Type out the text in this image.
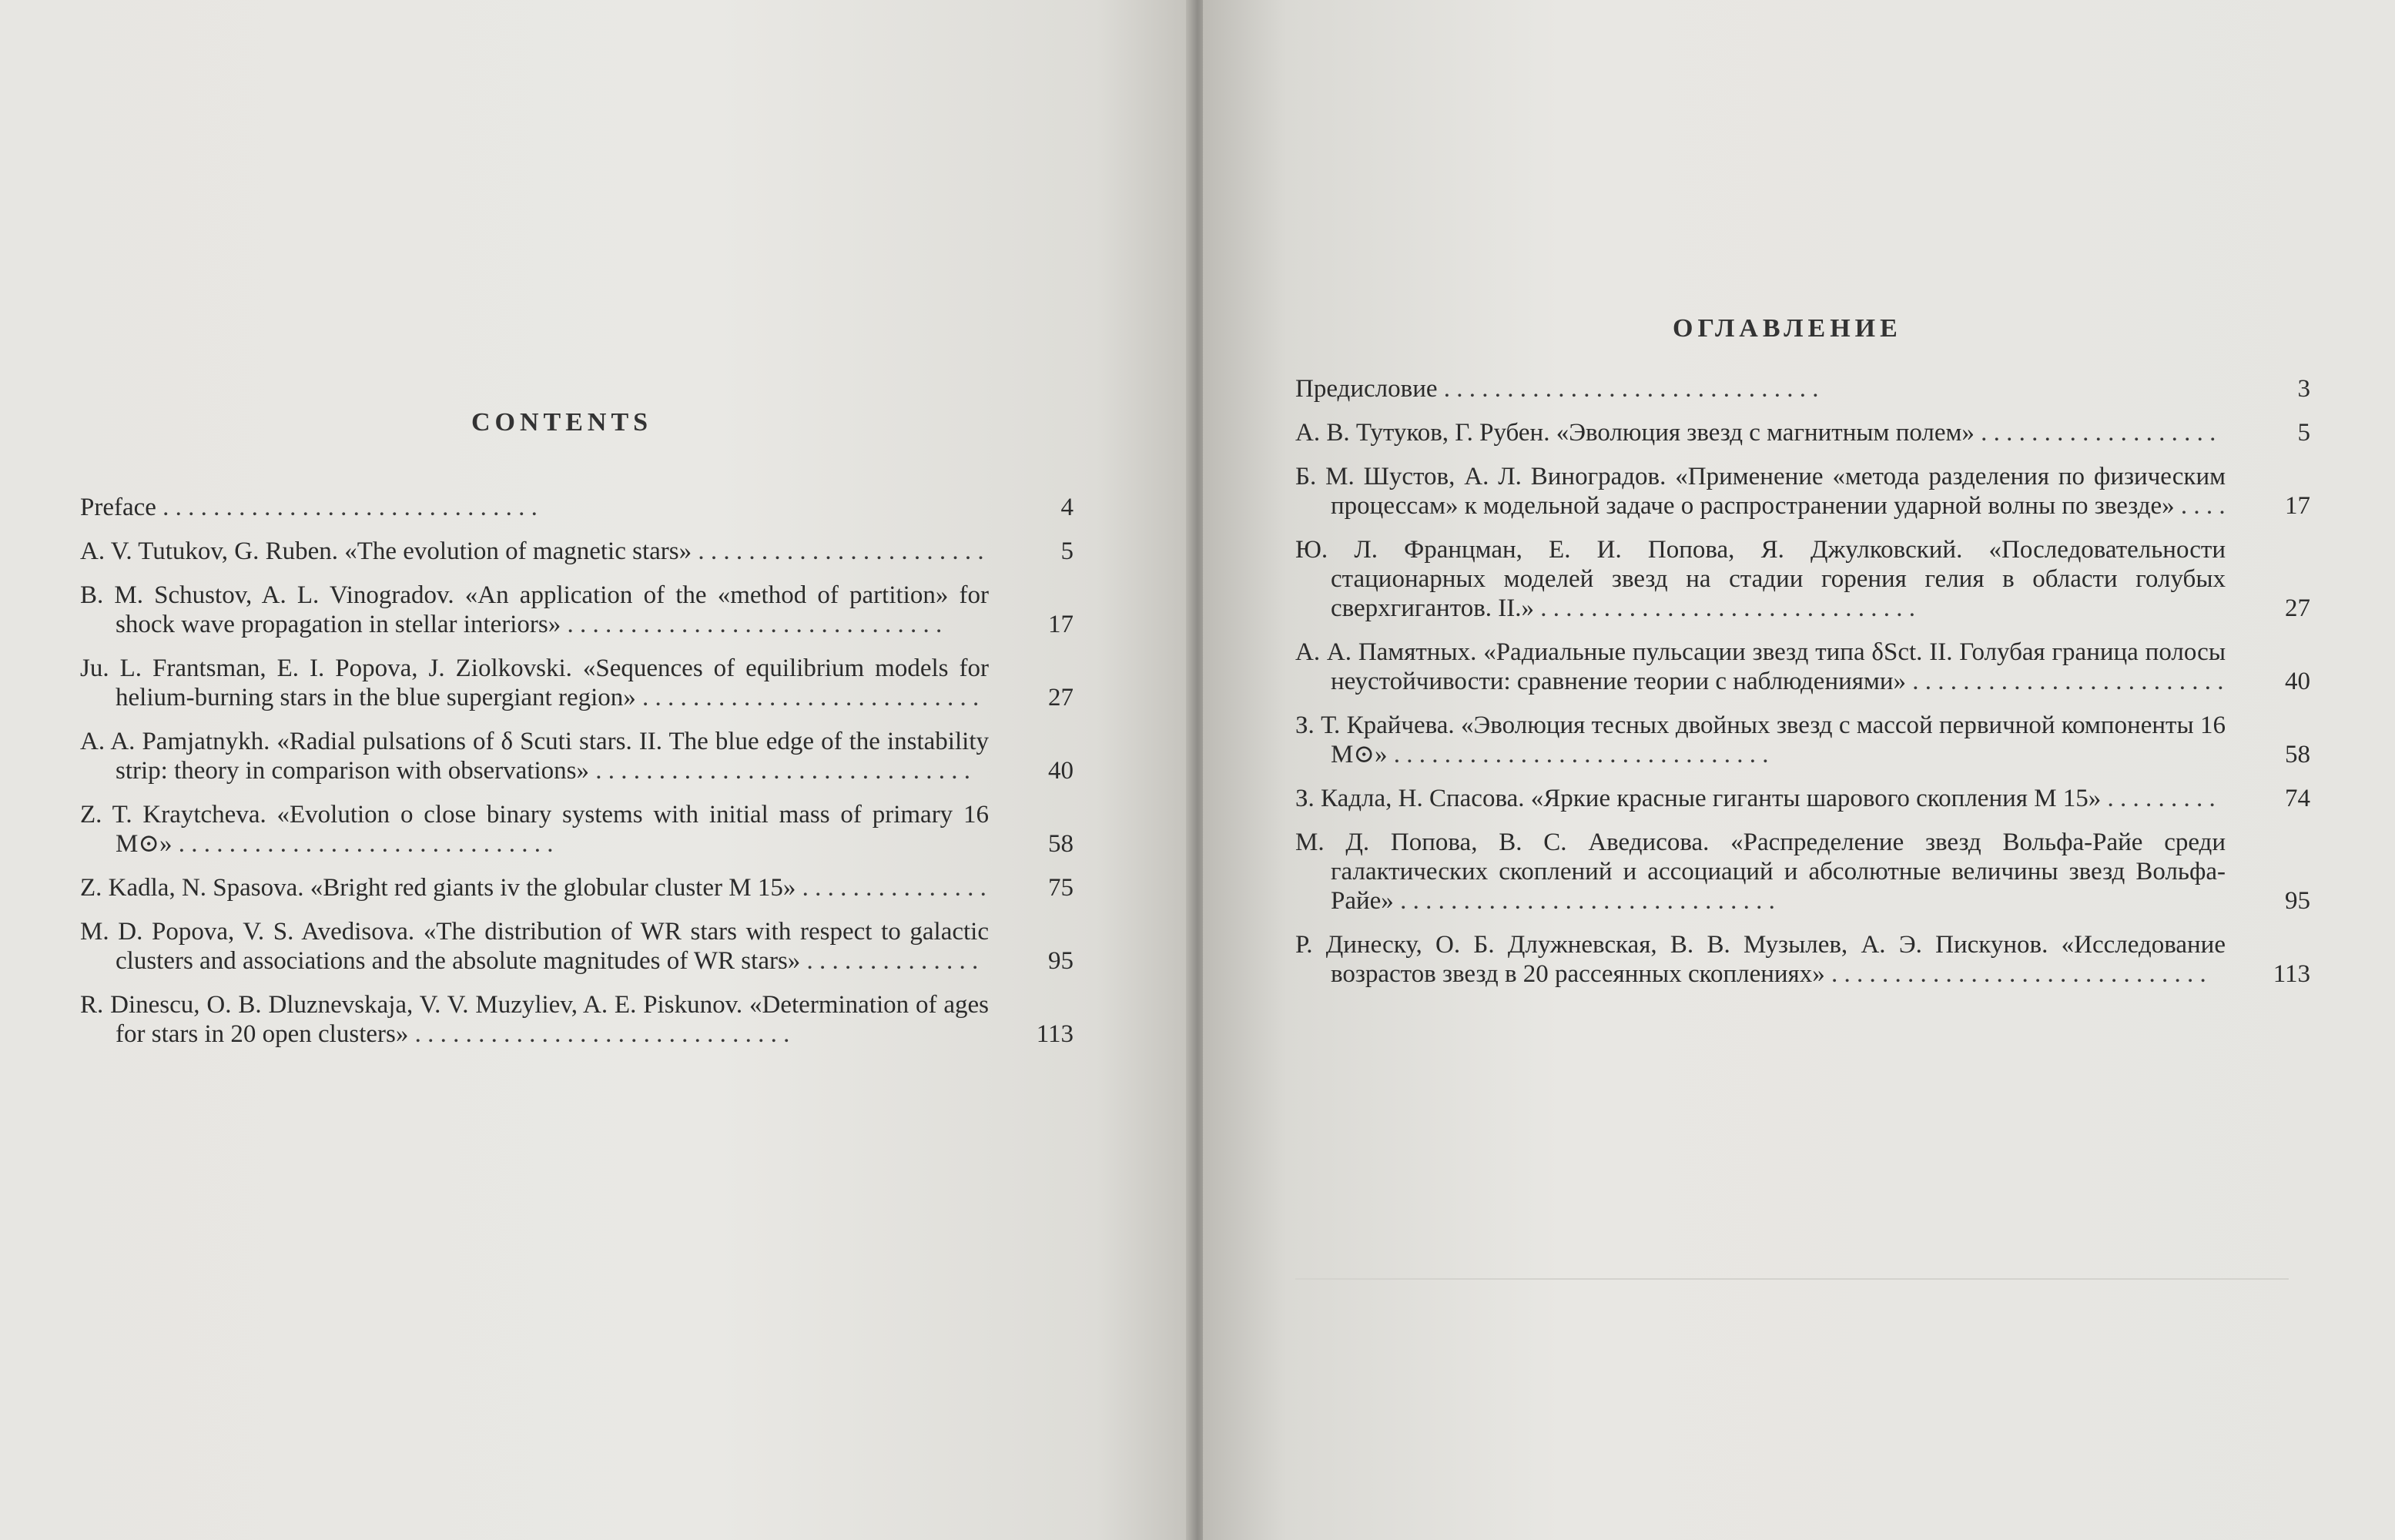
CONTENTS
Preface . . . . . . . . . . . . . . . . . . . . . . . . . . . . . .	4
A. V. Tutukov, G. Ruben. «The evolution of magnetic stars» . . . . . . . . . . . . . . . . . . . . . . .	5
B. M. Schustov, A. L. Vinogradov. «An application of the «method of partition» for shock wave propagation in stellar interiors» . . . . . . . . . . . . . . . . . . . . . . . . . . . . . .	17
Ju. L. Frantsman, E. I. Popova, J. Ziolkovski. «Sequences of equilibrium models for helium-burning stars in the blue supergiant region» . . . . . . . . . . . . . . . . . . . . . . . . . . .	27
A. A. Pamjatnykh. «Radial pulsations of δ Scuti stars. II. The blue edge of the instability strip: theory in comparison with observations» . . . . . . . . . . . . . . . . . . . . . . . . . . . . . .	40
Z. T. Kraytcheva. «Evolution o close binary systems with initial mass of primary 16 M⊙» . . . . . . . . . . . . . . . . . . . . . . . . . . . . . .	58
Z. Kadla, N. Spasova. «Bright red giants iv the globular cluster M 15» . . . . . . . . . . . . . . .	75
M. D. Popova, V. S. Avedisova. «The distribution of WR stars with respect to galactic clusters and associations and the absolute magnitudes of WR stars» . . . . . . . . . . . . . .	95
R. Dinescu, O. B. Dluznevskaja, V. V. Muzyliev, A. E. Piskunov. «Determination of ages for stars in 20 open clusters» . . . . . . . . . . . . . . . . . . . . . . . . . . . . . .	113
ОГЛАВЛЕНИЕ
Предисловие . . . . . . . . . . . . . . . . . . . . . . . . . . . . . .	3
А. В. Тутуков, Г. Рубен. «Эволюция звезд с магнитным полем» . . . . . . . . . . . . . . . . . . .	5
Б. М. Шустов, А. Л. Виноградов. «Применение «метода разделения по физическим процессам» к модельной задаче о распространении ударной волны по звезде» . . . .	17
Ю. Л. Францман, Е. И. Попова, Я. Джулковский. «Последовательности стационарных моделей звезд на стадии горения гелия в области голубых сверхгигантов. II.» . . . . . . . . . . . . . . . . . . . . . . . . . . . . . .	27
А. А. Памятных. «Радиальные пульсации звезд типа δSct. II. Голубая граница полосы неустойчивости: сравнение теории с наблюдениями» . . . . . . . . . . . . . . . . . . . . . . . . .	40
З. Т. Крайчева. «Эволюция тесных двойных звезд с массой первичной компоненты 16 M⊙» . . . . . . . . . . . . . . . . . . . . . . . . . . . . . .	58
З. Кадла, Н. Спасова. «Яркие красные гиганты шарового скопления M 15» . . . . . . . . .	74
М. Д. Попова, В. С. Аведисова. «Распределение звезд Вольфа-Райе среди галактических скоплений и ассоциаций и абсолютные величины звезд Вольфа-Райе» . . . . . . . . . . . . . . . . . . . . . . . . . . . . . .	95
Р. Динеску, О. Б. Длужневская, В. В. Музылев, А. Э. Пискунов. «Исследование возрастов звезд в 20 рассеянных скоплениях» . . . . . . . . . . . . . . . . . . . . . . . . . . . . . .	113
